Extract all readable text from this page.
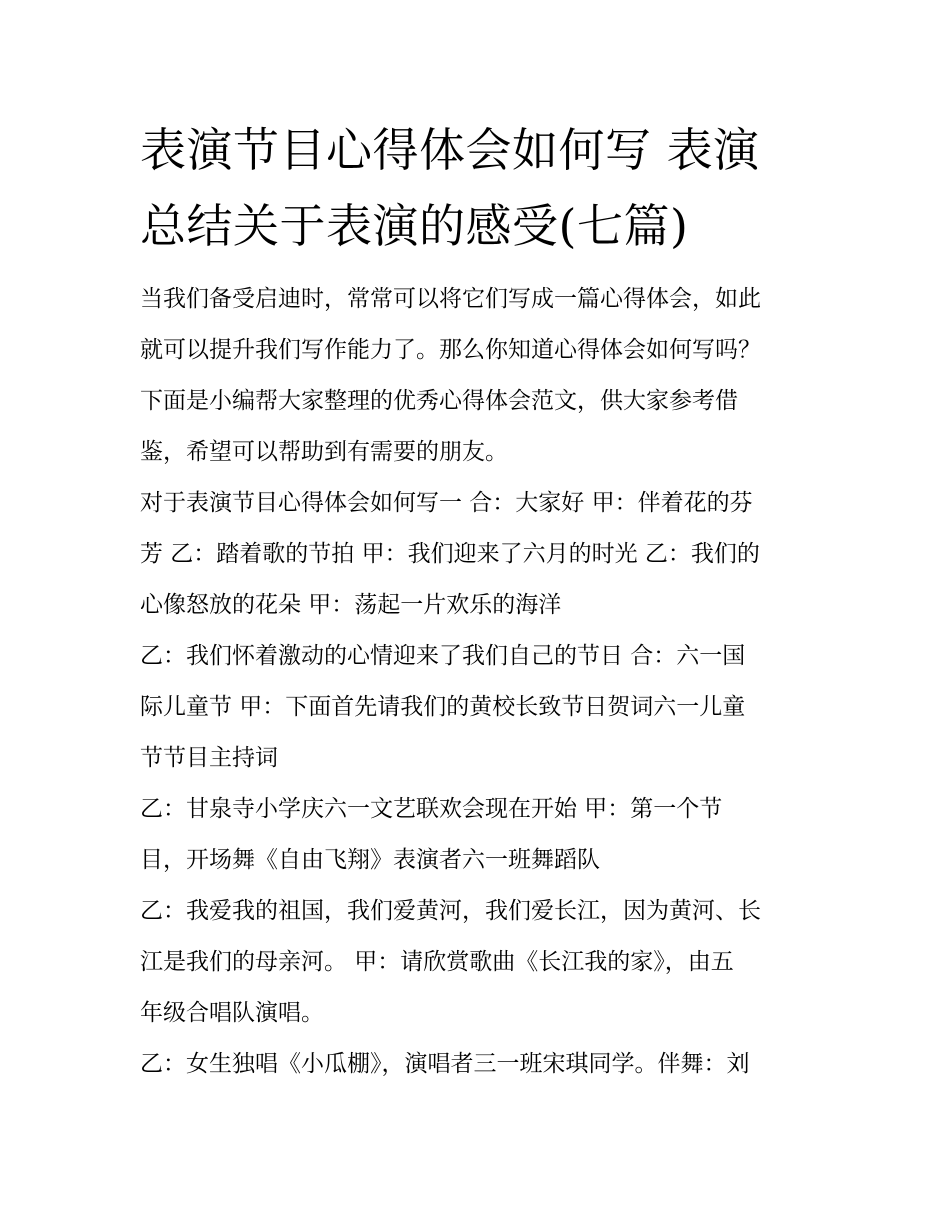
表演节目心得体会如何写 表演
总结关于表演的感受(七篇)

当我们备受启迪时，常常可以将它们写成一篇心得体会，如此
就可以提升我们写作能力了。那么你知道心得体会如何写吗？
下面是小编帮大家整理的优秀心得体会范文，供大家参考借
鉴，希望可以帮助到有需要的朋友。

对于表演节目心得体会如何写一 合：大家好 甲：伴着花的芬
芳 乙：踏着歌的节拍 甲：我们迎来了六月的时光 乙：我们的
心像怒放的花朵 甲：荡起一片欢乐的海洋

乙：我们怀着激动的心情迎来了我们自己的节日 合：六一国
际儿童节 甲：下面首先请我们的黄校长致节日贺词六一儿童
节节目主持词

乙：甘泉寺小学庆六一文艺联欢会现在开始 甲：第一个节
目，开场舞《自由飞翔》表演者六一班舞蹈队

乙：我爱我的祖国，我们爱黄河，我们爱长江，因为黄河、长
江是我们的母亲河。 甲：请欣赏歌曲《长江我的家》，由五
年级合唱队演唱。

乙：女生独唱《小瓜棚》，演唱者三一班宋琪同学。伴舞：刘
